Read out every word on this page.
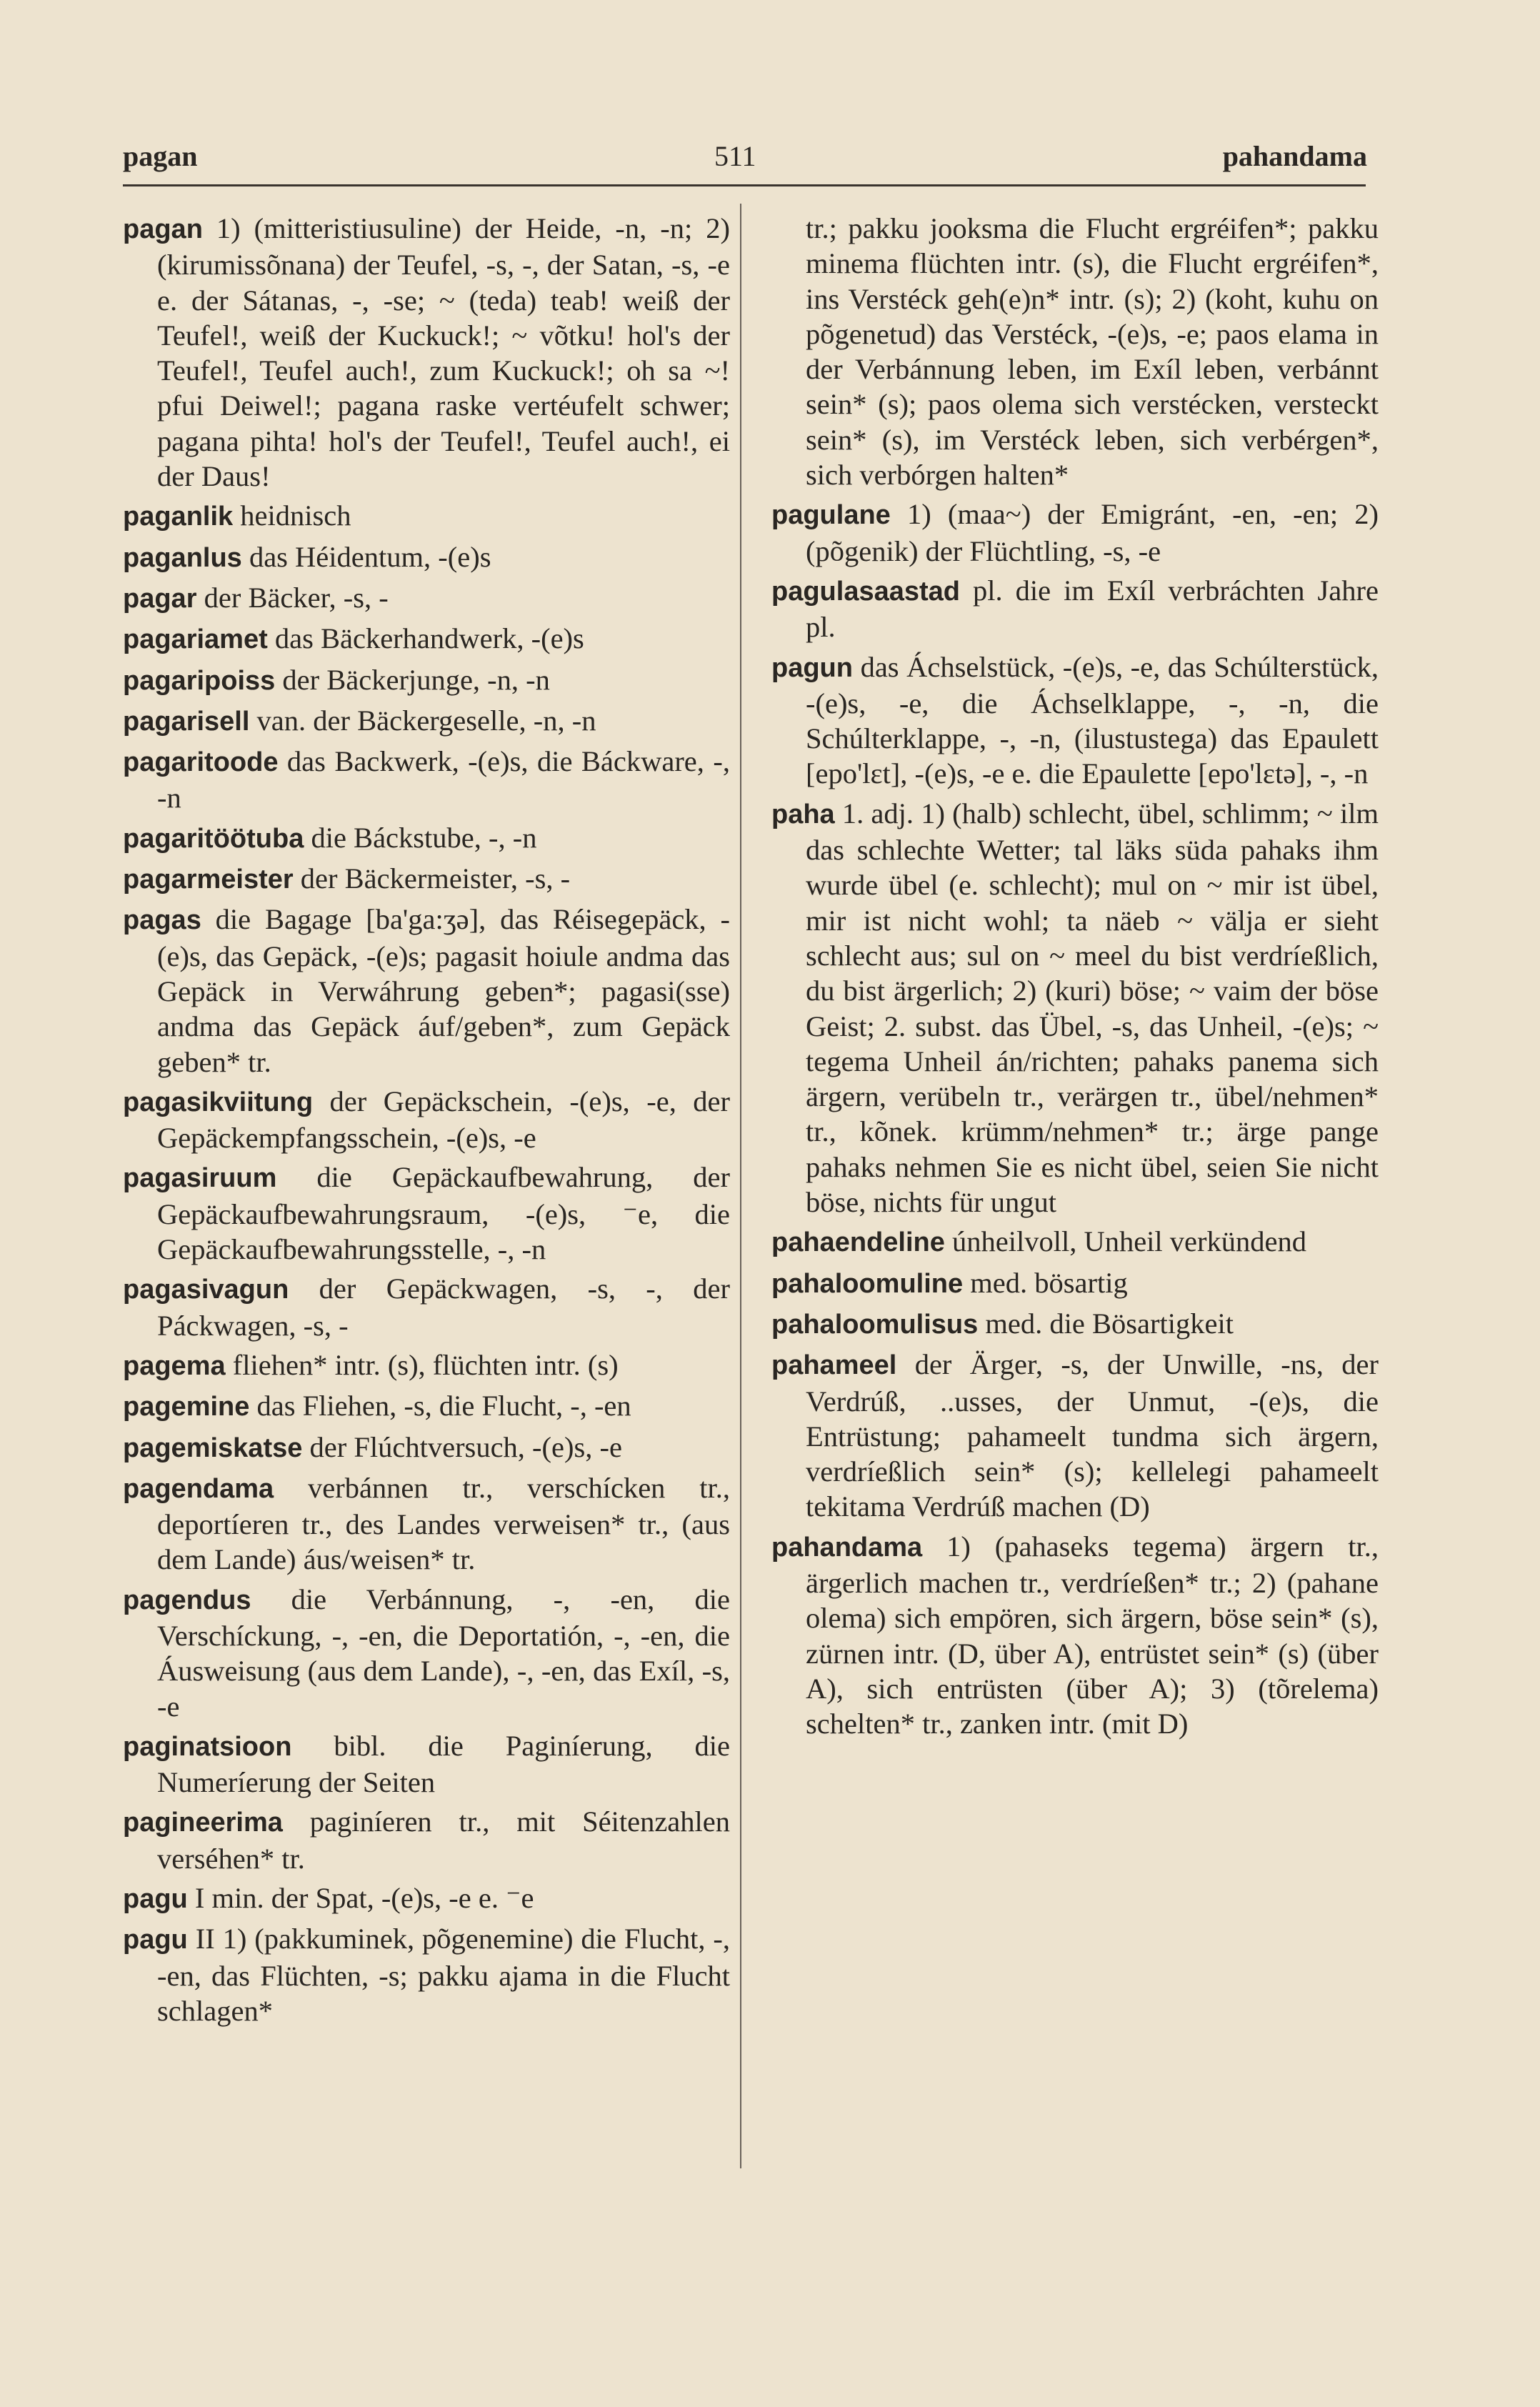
pagan	511	pahandama
pagan 1) (mitteristiusuline) der Heide, -n, -n; 2) (kirumissõnana) der Teufel, -s, -, der Satan, -s, -e e. der Sátanas, -, -se; ~ (teda) teab! weiß der Teufel!, weiß der Kuckuck!; ~ võtku! hol's der Teufel!, Teufel auch!, zum Kuckuck!; oh sa ~! pfui Deiwel!; pagana raske vertéufelt schwer; pagana pihta! hol's der Teufel!, Teufel auch!, ei der Daus!
paganlik heidnisch
paganlus das Héidentum, -(e)s
pagar der Bäcker, -s, -
pagariamet das Bäckerhandwerk, -(e)s
pagaripoiss der Bäckerjunge, -n, -n
pagarisell van. der Bäckergeselle, -n, -n
pagaritoode das Backwerk, -(e)s, die Báckware, -, -n
pagaritöötuba die Báckstube, -, -n
pagarmeister der Bäckermeister, -s, -
pagas die Bagage [ba'ga:ʒə], das Réisegepäck, -(e)s, das Gepäck, -(e)s; pagasit hoiule andma das Gepäck in Verwáhrung geben*; pagasi(sse) andma das Gepäck áuf/geben*, zum Gepäck geben* tr.
pagasikviitung der Gepäckschein, -(e)s, -e, der Gepäckempfangsschein, -(e)s, -e
pagasiruum die Gepäckaufbewahrung, der Gepäckaufbewahrungsraum, -(e)s, ⁻e, die Gepäckaufbewahrungsstelle, -, -n
pagasivagun der Gepäckwagen, -s, -, der Páckwagen, -s, -
pagema fliehen* intr. (s), flüchten intr. (s)
pagemine das Fliehen, -s, die Flucht, -, -en
pagemiskatse der Flúchtversuch, -(e)s, -e
pagendama verbánnen tr., verschícken tr., deportíeren tr., des Landes verweisen* tr., (aus dem Lande) áus/weisen* tr.
pagendus die Verbánnung, -, -en, die Verschíckung, -, -en, die Deportatión, -, -en, die Áusweisung (aus dem Lande), -, -en, das Exíl, -s, -e
paginatsioon bibl. die Paginíerung, die Numeríerung der Seiten
pagineerima paginíeren tr., mit Séitenzahlen verséhen* tr.
pagu I min. der Spat, -(e)s, -e e. ⁻e
pagu II 1) (pakkuminek, põgenemine) die Flucht, -, -en, das Flüchten, -s; pakku ajama in die Flucht schlagen*
tr.; pakku jooksma die Flucht ergréifen*; pakku minema flüchten intr. (s), die Flucht ergréifen*, ins Verstéck geh(e)n* intr. (s); 2) (koht, kuhu on põgenetud) das Verstéck, -(e)s, -e; paos elama in der Verbánnung leben, im Exíl leben, verbánnt sein* (s); paos olema sich verstécken, versteckt sein* (s), im Verstéck leben, sich verbérgen*, sich verbórgen halten*
pagulane 1) (maa~) der Emigránt, -en, -en; 2) (põgenik) der Flüchtling, -s, -e
pagulasaastad pl. die im Exíl verbráchten Jahre pl.
pagun das Áchselstück, -(e)s, -e, das Schúlterstück, -(e)s, -e, die Áchselklappe, -, -n, die Schúlterklappe, -, -n, (ilustustega) das Epaulett [epo'lɛt], -(e)s, -e e. die Epaulette [epo'lɛtə], -, -n
paha 1. adj. 1) (halb) schlecht, übel, schlimm; ~ ilm das schlechte Wetter; tal läks süda pahaks ihm wurde übel (e. schlecht); mul on ~ mir ist übel, mir ist nicht wohl; ta näeb ~ välja er sieht schlecht aus; sul on ~ meel du bist verdríeßlich, du bist ärgerlich; 2) (kuri) böse; ~ vaim der böse Geist; 2. subst. das Übel, -s, das Unheil, -(e)s; ~ tegema Unheil án/richten; pahaks panema sich ärgern, verübeln tr., verärgen tr., übel/nehmen* tr., kõnek. krümm/nehmen* tr.; ärge pange pahaks nehmen Sie es nicht übel, seien Sie nicht böse, nichts für ungut
pahaendeline únheilvoll, Unheil verkündend
pahaloomuline med. bösartig
pahaloomulisus med. die Bösartigkeit
pahameel der Ärger, -s, der Unwille, -ns, der Verdrúß, ..usses, der Unmut, -(e)s, die Entrüstung; pahameelt tundma sich ärgern, verdríeßlich sein* (s); kellelegi pahameelt tekitama Verdrúß machen (D)
pahandama 1) (pahaseks tegema) ärgern tr., ärgerlich machen tr., verdríeßen* tr.; 2) (pahane olema) sich empören, sich ärgern, böse sein* (s), zürnen intr. (D, über A), entrüstet sein* (s) (über A), sich entrüsten (über A); 3) (tõrelema) schelten* tr., zanken intr. (mit D)
